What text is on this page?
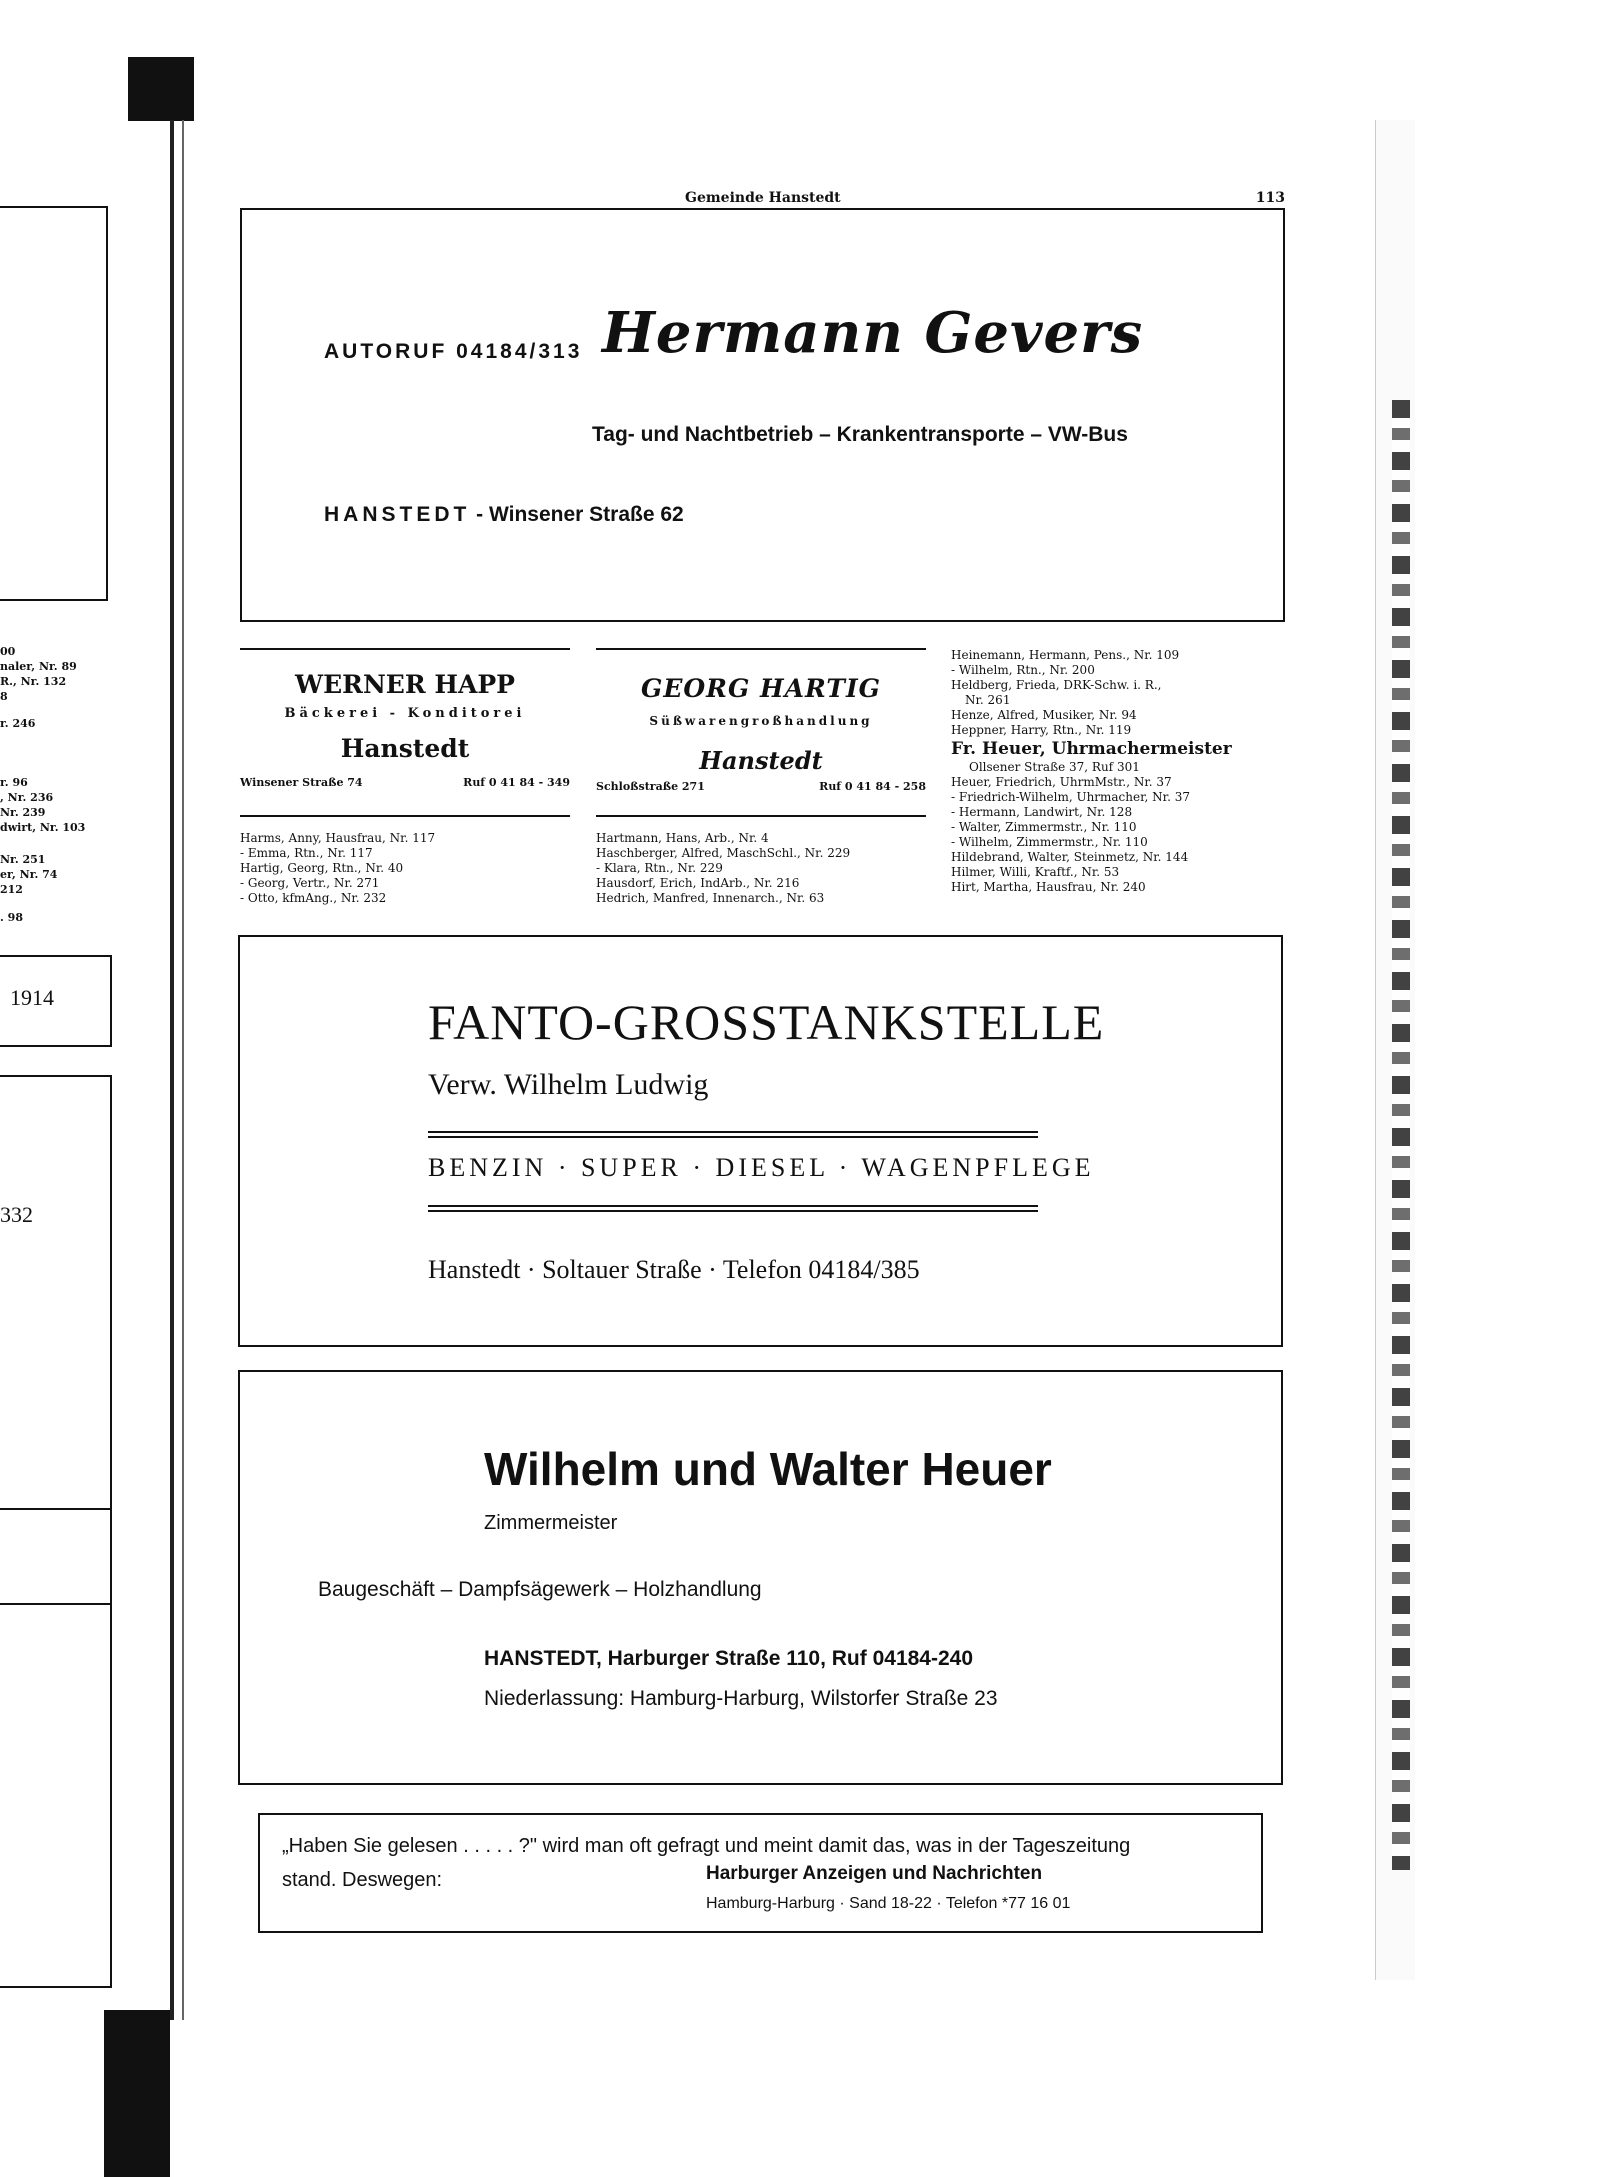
00
naler, Nr. 89
R., Nr. 132
8
r. 246
r. 96
, Nr. 236
Nr. 239
dwirt, Nr. 103
Nr. 251
er, Nr. 74
212
. 98
1914
332
Gemeinde Hanstedt	113
AUTORUF 04184/313 Hermann Gevers
Tag- und Nachtbetrieb – Krankentransporte – VW-Bus
HANSTEDT - Winsener Straße 62
WERNER HAPP
Bäckerei - Konditorei
Hanstedt
Winsener Straße 74	Ruf 0 41 84 - 349
GEORG HARTIG
Süßwarengroßhandlung
Hanstedt
Schloßstraße 271	Ruf 0 41 84 - 258
Harms, Anny, Hausfrau, Nr. 117
- Emma, Rtn., Nr. 117
Hartig, Georg, Rtn., Nr. 40
- Georg, Vertr., Nr. 271
- Otto, kfmAng., Nr. 232
Hartmann, Hans, Arb., Nr. 4
Haschberger, Alfred, MaschSchl., Nr. 229
- Klara, Rtn., Nr. 229
Hausdorf, Erich, IndArb., Nr. 216
Hedrich, Manfred, Innenarch., Nr. 63
Heinemann, Hermann, Pens., Nr. 109
- Wilhelm, Rtn., Nr. 200
Heldberg, Frieda, DRK-Schw. i. R.,
Nr. 261
Henze, Alfred, Musiker, Nr. 94
Heppner, Harry, Rtn., Nr. 119
Fr. Heuer, Uhrmachermeister
Ollsener Straße 37, Ruf 301
Heuer, Friedrich, UhrmMstr., Nr. 37
- Friedrich-Wilhelm, Uhrmacher, Nr. 37
- Hermann, Landwirt, Nr. 128
- Walter, Zimmermstr., Nr. 110
- Wilhelm, Zimmermstr., Nr. 110
Hildebrand, Walter, Steinmetz, Nr. 144
Hilmer, Willi, Kraftf., Nr. 53
Hirt, Martha, Hausfrau, Nr. 240
FANTO-GROSSTANKSTELLE
Verw. Wilhelm Ludwig
BENZIN · SUPER · DIESEL · WAGENPFLEGE
Hanstedt · Soltauer Straße · Telefon 04184/385
Wilhelm und Walter Heuer
Zimmermeister
Baugeschäft – Dampfsägewerk – Holzhandlung
HANSTEDT, Harburger Straße 110, Ruf 04184-240
Niederlassung: Hamburg-Harburg, Wilstorfer Straße 23
„Haben Sie gelesen . . . . . ?" wird man oft gefragt und meint damit das, was in der Tageszeitung
stand. Deswegen:	Harburger Anzeigen und Nachrichten
Hamburg-Harburg · Sand 18-22 · Telefon *77 16 01
